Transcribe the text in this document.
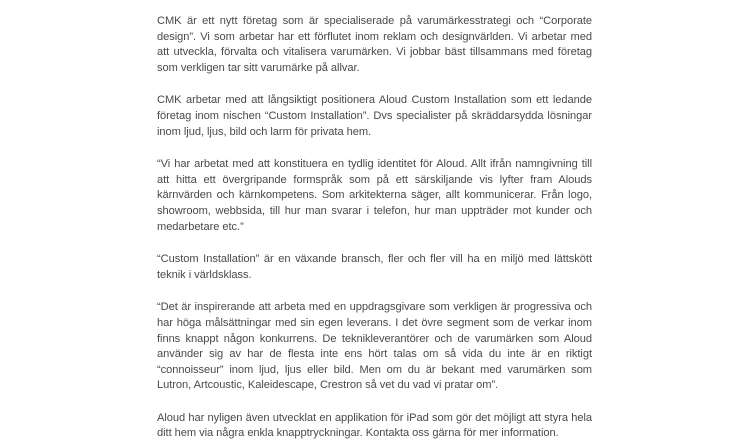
CMK är ett nytt företag som är specialiserade på varumärkesstrategi och “Corporate design”. Vi som arbetar har ett förflutet inom reklam och designvärlden. Vi arbetar med att utveckla, förvalta och vitalisera varumärken. Vi jobbar bäst tillsammans med företag som verkligen tar sitt varumärke på allvar.

CMK arbetar med att långsiktigt positionera Aloud Custom Installation som ett ledande företag inom nischen “Custom Installation”. Dvs specialister på skräddarsydda lösningar inom ljud, ljus, bild och larm för privata hem.

“Vi har arbetat med att konstituera en tydlig identitet för Aloud. Allt ifrån namngivning till att hitta ett övergripande formspråk som på ett särskiljande vis lyfter fram Alouds kärnvärden och kärnkompetens. Som arkitekterna säger, allt kommunicerar. Från logo, showroom, webbsida, till hur man svarar i telefon, hur man uppträder mot kunder och medarbetare etc.”

“Custom Installation” är en växande bransch, fler och fler vill ha en miljö med lättskött teknik i världsklass.

“Det är inspirerande att arbeta med en uppdragsgivare som verkligen är progressiva och har höga målsättningar med sin egen leverans. I det övre segment som de verkar inom finns knappt någon konkurrens. De teknikleverantörer och de varumärken som Aloud använder sig av har de flesta inte ens hört talas om så vida du inte är en riktigt “connoisseur” inom ljud, ljus eller bild. Men om du är bekant med varumärken som Lutron, Artcoustic, Kaleidescape, Crestron så vet du vad vi pratar om”.

Aloud har nyligen även utvecklat en applikation för iPad som gör det möjligt att styra hela ditt hem via några enkla knapptryckningar. Kontakta oss gärna för mer information.
